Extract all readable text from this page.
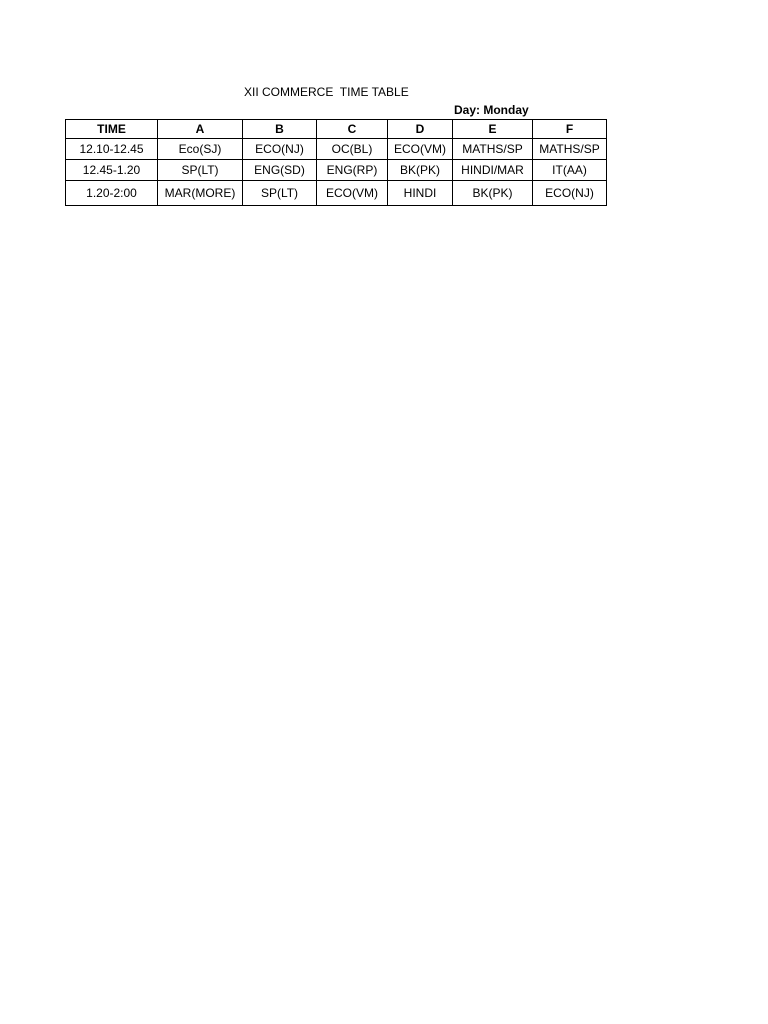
XII COMMERCE  TIME TABLE
Day: Monday
TIME	A	B	C	D	E	F
12.10-12.45	Eco(SJ)	ECO(NJ)	OC(BL)	ECO(VM)	MATHS/SP	MATHS/SP
12.45-1.20	SP(LT)	ENG(SD)	ENG(RP)	BK(PK)	HINDI/MAR	IT(AA)
1.20-2:00	MAR(MORE)	SP(LT)	ECO(VM)	HINDI	BK(PK)	ECO(NJ)
